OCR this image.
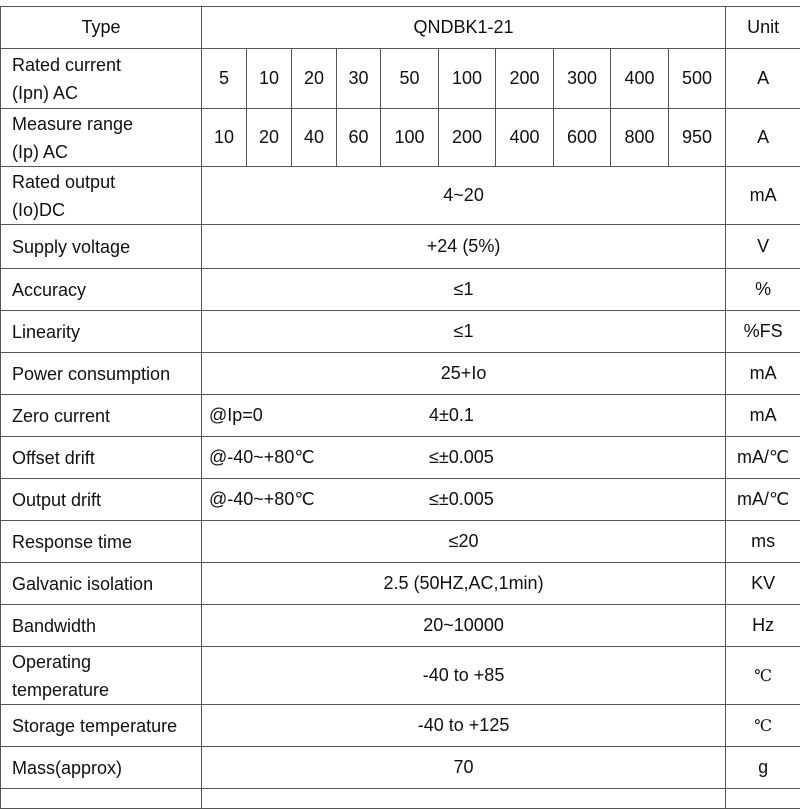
Type	QNDBK1-21										Unit
Rated current
(Ipn) AC	5	10	20	30	50	100	200	300	400	500	A
Measure range
(Ip) AC	10	20	40	60	100	200	400	600	800	950	A
Rated output
(Io)DC	4~20										mA
Supply voltage	+24 (5%)										V
Accuracy	≤1										%
Linearity	≤1										%FS
Power consumption	25+Io										mA
Zero current	@Ip=0 4±0.1										mA
Offset drift	@-40~+80℃ ≤±0.005										mA/℃
Output drift	@-40~+80℃ ≤±0.005										mA/℃
Response time	≤20										ms
Galvanic isolation	2.5 (50HZ,AC,1min)										KV
Bandwidth	20~10000										Hz
Operating
temperature	-40 to +85										℃
Storage temperature	-40 to +125										℃
Mass(approx)	70										g
